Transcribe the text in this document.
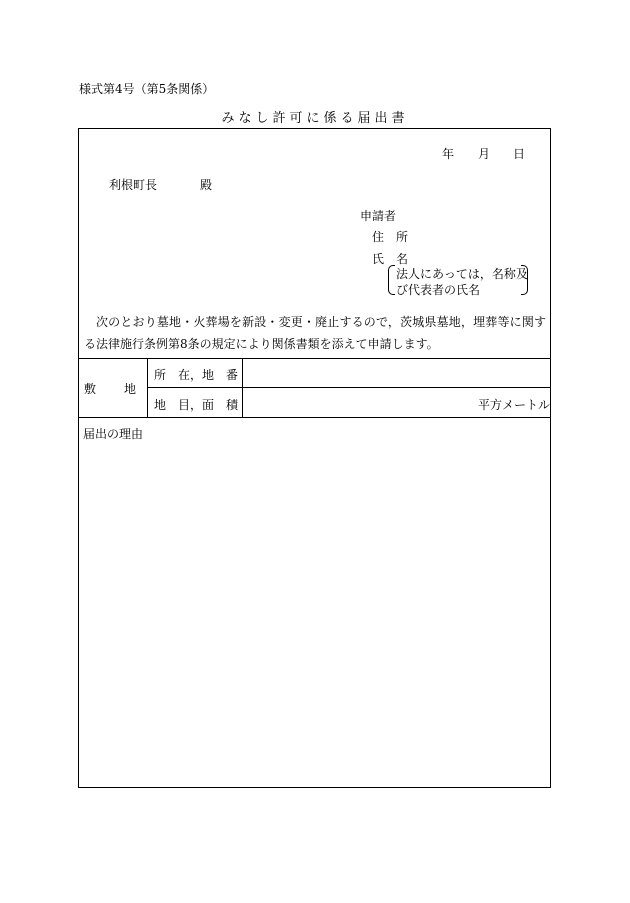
様式第4号（第5条関係）
みなし許可に係る届出書
年 月 日
利根町長	殿
申請者
住所
氏名
法人にあっては，名称及
び代表者の氏名
次のとおり墓地・火葬場を新設・変更・廃止するので，茨城県墓地，埋葬等に関する法律施行条例第8条の規定により関係書類を添えて申請します。
敷地
所　在，地　番
地　目，面　積	平方メートル
届出の理由
